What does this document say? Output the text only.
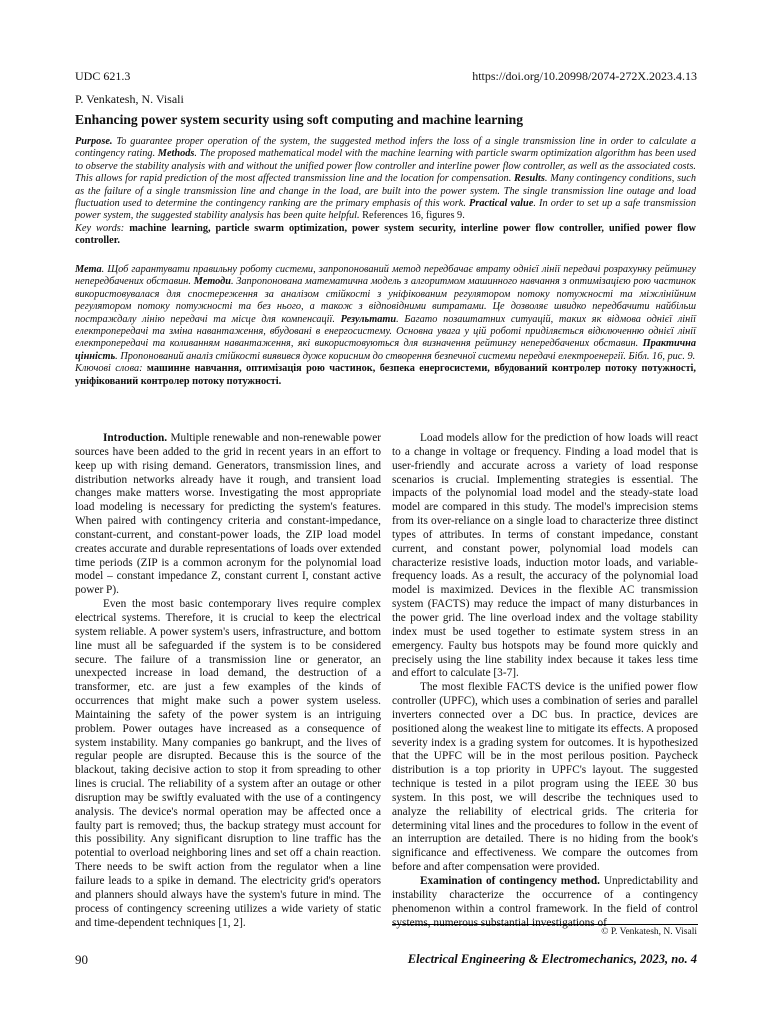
UDC 621.3	https://doi.org/10.20998/2074-272X.2023.4.13
P. Venkatesh, N. Visali
Enhancing power system security using soft computing and machine learning
Purpose. To guarantee proper operation of the system, the suggested method infers the loss of a single transmission line in order to calculate a contingency rating. Methods. The proposed mathematical model with the machine learning with particle swarm optimization algorithm has been used to observe the stability analysis with and without the unified power flow controller and interline power flow controller, as well as the associated costs. This allows for rapid prediction of the most affected transmission line and the location for compensation. Results. Many contingency conditions, such as the failure of a single transmission line and change in the load, are built into the power system. The single transmission line outage and load fluctuation used to determine the contingency ranking are the primary emphasis of this work. Practical value. In order to set up a safe transmission power system, the suggested stability analysis has been quite helpful. References 16, figures 9.
Key words: machine learning, particle swarm optimization, power system security, interline power flow controller, unified power flow controller.
Мета. Щоб гарантувати правильну роботу системи, запропонований метод передбачає втрату однієї лінії передачі розрахунку рейтингу непередбачених обставин. Методи. Запропонована математична модель з алгоритмом машинного навчання з оптимізацією рою частинок використовувалася для спостереження за аналізом стійкості з уніфікованим регулятором потоку потужності та міжлінійним регулятором потоку потужності та без нього, а також з відповідними витратами. Це дозволяє швидко передбачити найбільш постраждалу лінію передачі та місце для компенсації. Результати. Багато позаштатних ситуацій, таких як відмова однієї лінії електропередачі та зміна навантаження, вбудовані в енергосистему. Основна увага у цій роботі приділяється відключенню однієї лінії електропередачі та коливанням навантаження, які використовуються для визначення рейтингу непередбачених обставин. Практична цінність. Пропонований аналіз стійкості виявився дуже корисним до створення безпечної системи передачі електроенергії. Бібл. 16, рис. 9.
Ключові слова: машинне навчання, оптимізація рою частинок, безпека енергосистеми, вбудований контролер потоку потужності, уніфікований контролер потоку потужності.

Introduction. Multiple renewable and non-renewable power sources have been added to the grid in recent years in an effort to keep up with rising demand. Generators, transmission lines, and distribution networks already have it rough, and transient load changes make matters worse. Investigating the most appropriate load modeling is necessary for predicting the system's features. When paired with contingency criteria and constant-impedance, constant-current, and constant-power loads, the ZIP load model creates accurate and durable representations of loads over extended time periods (ZIP is a common acronym for the polynomial load model – constant impedance Z, constant current I, constant active power P).

Even the most basic contemporary lives require complex electrical systems. Therefore, it is crucial to keep the electrical system reliable. A power system's users, infrastructure, and bottom line must all be safeguarded if the system is to be considered secure. The failure of a transmission line or generator, an unexpected increase in load demand, the destruction of a transformer, etc. are just a few examples of the kinds of occurrences that might make such a power system useless. Maintaining the safety of the power system is an intriguing problem. Power outages have increased as a consequence of system instability. Many companies go bankrupt, and the lives of regular people are disrupted. Because this is the source of the blackout, taking decisive action to stop it from spreading to other lines is crucial. The reliability of a system after an outage or other disruption may be swiftly evaluated with the use of a contingency analysis. The device's normal operation may be affected once a faulty part is removed; thus, the backup strategy must account for this possibility. Any significant disruption to line traffic has the potential to overload neighboring lines and set off a chain reaction. There needs to be swift action from the regulator when a line failure leads to a spike in demand. The electricity grid's operators and planners should always have the system's future in mind. The process of contingency screening utilizes a wide variety of static and time-dependent techniques [1, 2].

Load models allow for the prediction of how loads will react to a change in voltage or frequency. Finding a load model that is user-friendly and accurate across a variety of load response scenarios is crucial. Implementing strategies is essential. The impacts of the polynomial load model and the steady-state load model are compared in this study. The model's imprecision stems from its over-reliance on a single load to characterize three distinct types of attributes. In terms of constant impedance, constant current, and constant power, polynomial load models can characterize resistive loads, induction motor loads, and variable-frequency loads. As a result, the accuracy of the polynomial load model is maximized. Devices in the flexible AC transmission system (FACTS) may reduce the impact of many disturbances in the power grid. The line overload index and the voltage stability index must be used together to estimate system stress in an emergency. Faulty bus hotspots may be found more quickly and precisely using the line stability index because it takes less time and effort to calculate [3-7].

The most flexible FACTS device is the unified power flow controller (UPFC), which uses a combination of series and parallel inverters connected over a DC bus. In practice, devices are positioned along the weakest line to mitigate its effects. A proposed severity index is a grading system for outcomes. It is hypothesized that the UPFC will be in the most perilous position. Paycheck distribution is a top priority in UPFC's layout. The suggested technique is tested in a pilot program using the IEEE 30 bus system. In this post, we will describe the techniques used to analyze the reliability of electrical grids. The criteria for determining vital lines and the procedures to follow in the event of an interruption are detailed. There is no hiding from the book's significance and effectiveness. We compare the outcomes from before and after compensation were provided.

Examination of contingency method. Unpredictability and instability characterize the occurrence of a contingency phenomenon within a control framework. In the field of control systems, numerous substantial investigations of

© P. Venkatesh, N. Visali
90	Electrical Engineering & Electromechanics, 2023, no. 4
